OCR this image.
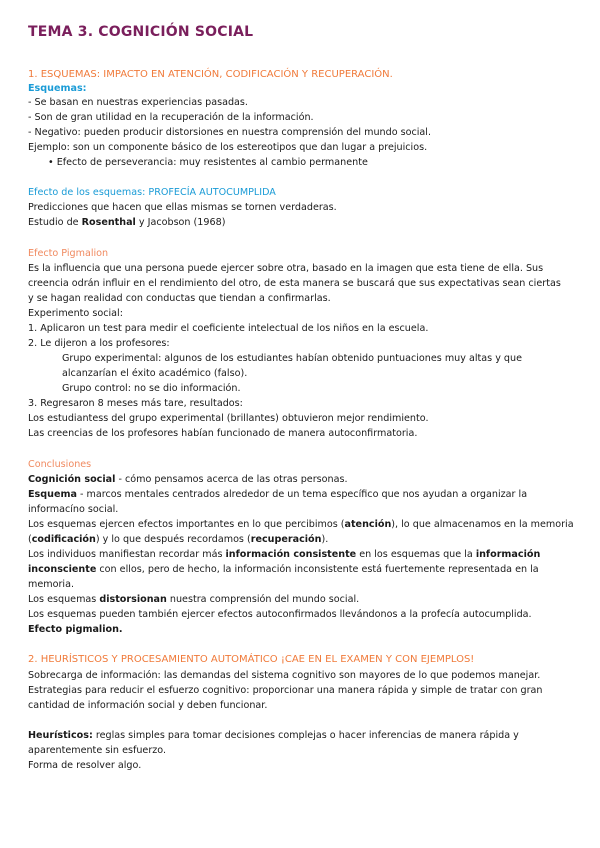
TEMA 3. COGNICIÓN SOCIAL
1. ESQUEMAS: IMPACTO EN ATENCIÓN, CODIFICACIÓN Y RECUPERACIÓN.
Esquemas:
- Se basan en nuestras experiencias pasadas.
- Son de gran utilidad en la recuperación de la información.
- Negativo: pueden producir distorsiones en nuestra comprensión del mundo social.
Ejemplo: son un componente básico de los estereotipos que dan lugar a prejuicios.
• Efecto de perseverancia: muy resistentes al cambio permanente
Efecto de los esquemas: PROFECÍA AUTOCUMPLIDA
Predicciones que hacen que ellas mismas se tornen verdaderas.
Estudio de Rosenthal y Jacobson (1968)
Efecto Pigmalion
Es la influencia que una persona puede ejercer sobre otra, basado en la imagen que esta tiene de ella. Sus
creencia odrán influir en el rendimiento del otro, de esta manera se buscará que sus expectativas sean ciertas
y se hagan realidad con conductas que tiendan a confirmarlas.
Experimento social:
1. Aplicaron un test para medir el coeficiente intelectual de los niños en la escuela.
2. Le dijeron a los profesores:
Grupo experimental: algunos de los estudiantes habían obtenido puntuaciones muy altas y que
alcanzarían el éxito académico (falso).
Grupo control: no se dio información.
3. Regresaron 8 meses más tare, resultados:
Los estudiantess del grupo experimental (brillantes) obtuvieron mejor rendimiento.
Las creencias de los profesores habían funcionado de manera autoconfirmatoria.
Conclusiones
Cognición social - cómo pensamos acerca de las otras personas.
Esquema - marcos mentales centrados alrededor de un tema específico que nos ayudan a organizar la
informacíno social.
Los esquemas ejercen efectos importantes en lo que percibimos (atención), lo que almacenamos en la memoria
(codificación) y lo que después recordamos (recuperación).
Los individuos manifiestan recordar más información consistente en los esquemas que la información
inconsciente con ellos, pero de hecho, la información inconsistente está fuertemente representada en la
memoria.
Los esquemas distorsionan nuestra comprensión del mundo social.
Los esquemas pueden también ejercer efectos autoconfirmados llevándonos a la profecía autocumplida.
Efecto pigmalion.
2. HEURÍSTICOS Y PROCESAMIENTO AUTOMÁTICO ¡CAE EN EL EXAMEN Y CON EJEMPLOS!
Sobrecarga de información: las demandas del sistema cognitivo son mayores de lo que podemos manejar.
Estrategias para reducir el esfuerzo cognitivo: proporcionar una manera rápida y simple de tratar con gran
cantidad de información social y deben funcionar.
Heurísticos: reglas simples para tomar decisiones complejas o hacer inferencias de manera rápida y
aparentemente sin esfuerzo.
Forma de resolver algo.
